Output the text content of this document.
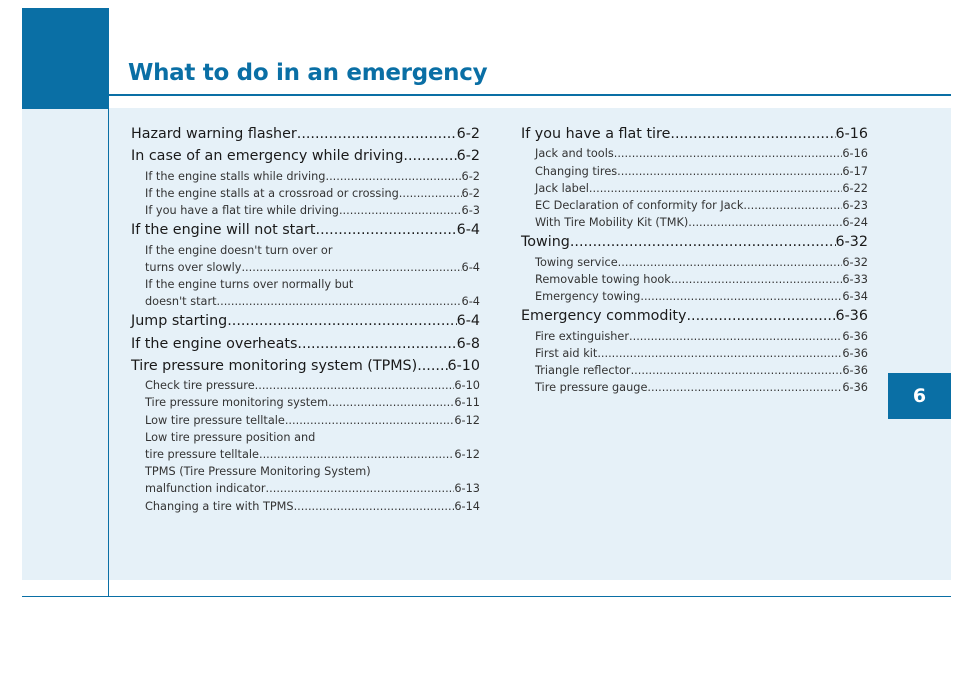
What to do in an emergency
6
Hazard warning flasher .....	6-2
In case of an emergency while driving .....	6-2
If the engine stalls while driving .....	6-2
If the engine stalls at a crossroad or crossing .....	6-2
If you have a flat tire while driving .....	6-3
If the engine will not start .....	6-4
If the engine doesn't turn over or
turns over slowly .....	6-4
If the engine turns over normally but
doesn't start .....	6-4
Jump starting .....	6-4
If the engine overheats .....	6-8
Tire pressure monitoring system (TPMS) ..... 6-10
Check tire pressure .....	6-10
Tire pressure monitoring system .....	6-11
Low tire pressure telltale .....	6-12
Low tire pressure position and
tire pressure telltale .....	6-12
TPMS (Tire Pressure Monitoring System)
malfunction indicator .....	6-13
Changing a tire with TPMS .....	6-14
If you have a flat tire .....	6-16
Jack and tools .....	6-16
Changing tires .....	6-17
Jack label .....	6-22
EC Declaration of conformity for Jack .....	6-23
With Tire Mobility Kit (TMK) .....	6-24
Towing .....	6-32
Towing service .....	6-32
Removable towing hook .....	6-33
Emergency towing .....	6-34
Emergency commodity .....	6-36
Fire extinguisher .....	6-36
First aid kit .....	6-36
Triangle reflector .....	6-36
Tire pressure gauge .....	6-36
